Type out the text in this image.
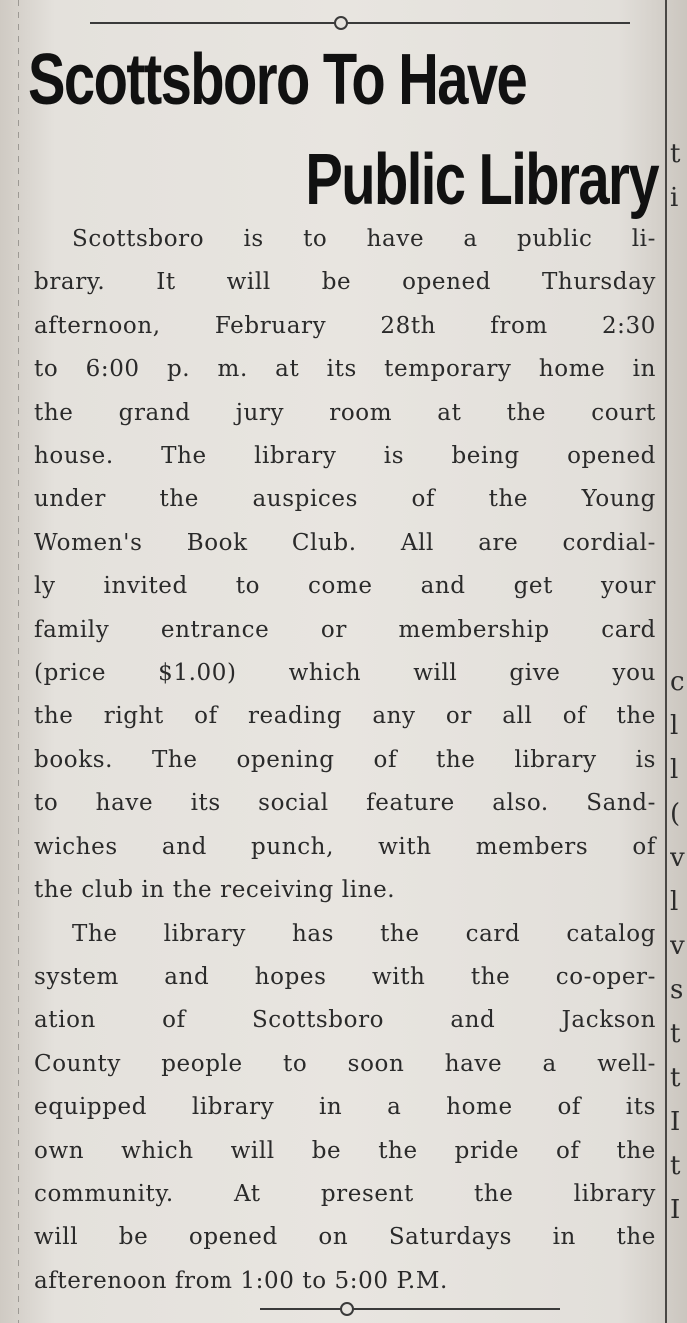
Scottsboro To Have
Public Library
Scottsboro is to have a public li-
brary. It will be opened Thursday
afternoon, February 28th from 2:30
to 6:00 p. m. at its temporary home in
the grand jury room at the court
house. The library is being opened
under the auspices of the Young
Women's Book Club. All are cordial-
ly invited to come and get your
family entrance or membership card
(price $1.00) which will give you
the right of reading any or all of the
books. The opening of the library is
to have its social feature also. Sand-
wiches and punch, with members of
the club in the receiving line.
The library has the card catalog
system and hopes with the co-oper-
ation of Scottsboro and Jackson
County people to soon have a well-
equipped library in a home of its
own which will be the pride of the
community. At present the library
will be opened on Saturdays in the
afterenoon from 1:00 to 5:00 P.M.

t
i

c
l
l
(
v
l
v
s
t
t
I
t
I
